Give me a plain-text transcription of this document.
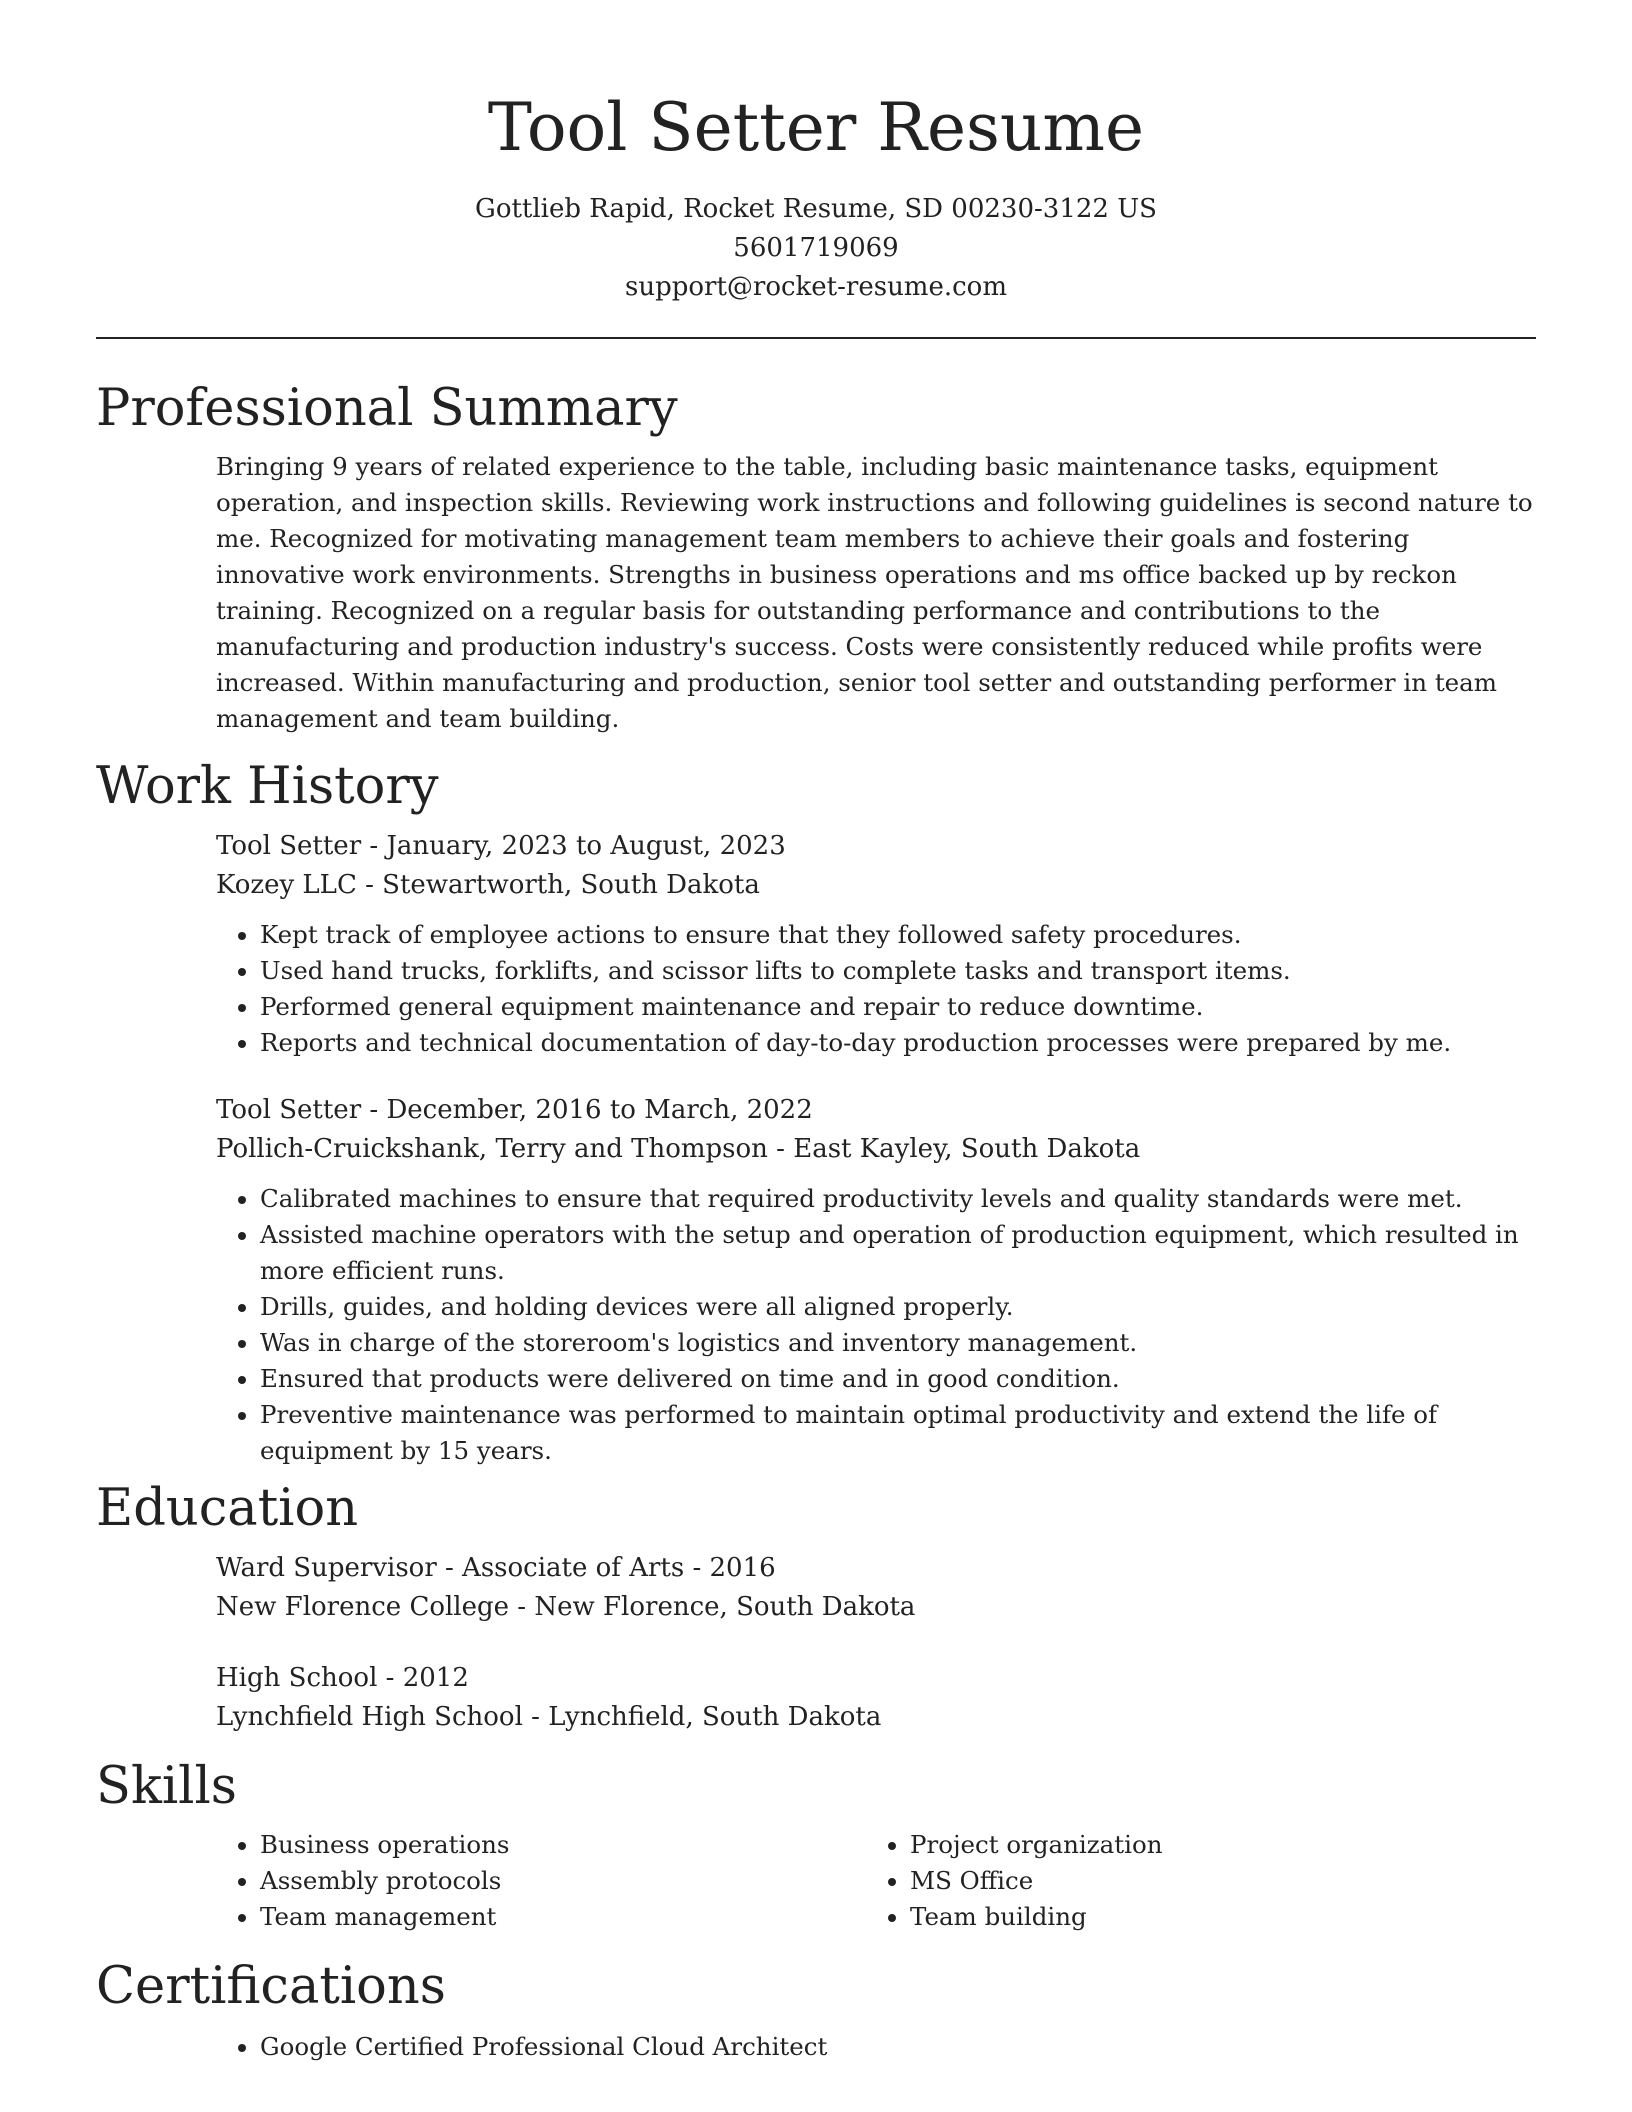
Tool Setter Resume
Gottlieb Rapid, Rocket Resume, SD 00230-3122 US
5601719069
support@rocket-resume.com
Professional Summary

Bringing 9 years of related experience to the table, including basic maintenance tasks, equipment operation, and inspection skills. Reviewing work instructions and following guidelines is second nature to me. Recognized for motivating management team members to achieve their goals and fostering innovative work environments. Strengths in business operations and ms office backed up by reckon training. Recognized on a regular basis for outstanding performance and contributions to the manufacturing and production industry's success. Costs were consistently reduced while profits were increased. Within manufacturing and production, senior tool setter and outstanding performer in team management and team building.

Work History
Tool Setter - January, 2023 to August, 2023
Kozey LLC - Stewartworth, South Dakota
• Kept track of employee actions to ensure that they followed safety procedures.
• Used hand trucks, forklifts, and scissor lifts to complete tasks and transport items.
• Performed general equipment maintenance and repair to reduce downtime.
• Reports and technical documentation of day-to-day production processes were prepared by me.
Tool Setter - December, 2016 to March, 2022
Pollich-Cruickshank, Terry and Thompson - East Kayley, South Dakota
• Calibrated machines to ensure that required productivity levels and quality standards were met.
• Assisted machine operators with the setup and operation of production equipment, which resulted in more efficient runs.
• Drills, guides, and holding devices were all aligned properly.
• Was in charge of the storeroom's logistics and inventory management.
• Ensured that products were delivered on time and in good condition.
• Preventive maintenance was performed to maintain optimal productivity and extend the life of equipment by 15 years.
Education
Ward Supervisor - Associate of Arts - 2016
New Florence College - New Florence, South Dakota
High School - 2012
Lynchfield High School - Lynchfield, South Dakota
Skills
• Business operations
• Assembly protocols
• Team management
• Project organization
• MS Office
• Team building
Certifications
• Google Certified Professional Cloud Architect
